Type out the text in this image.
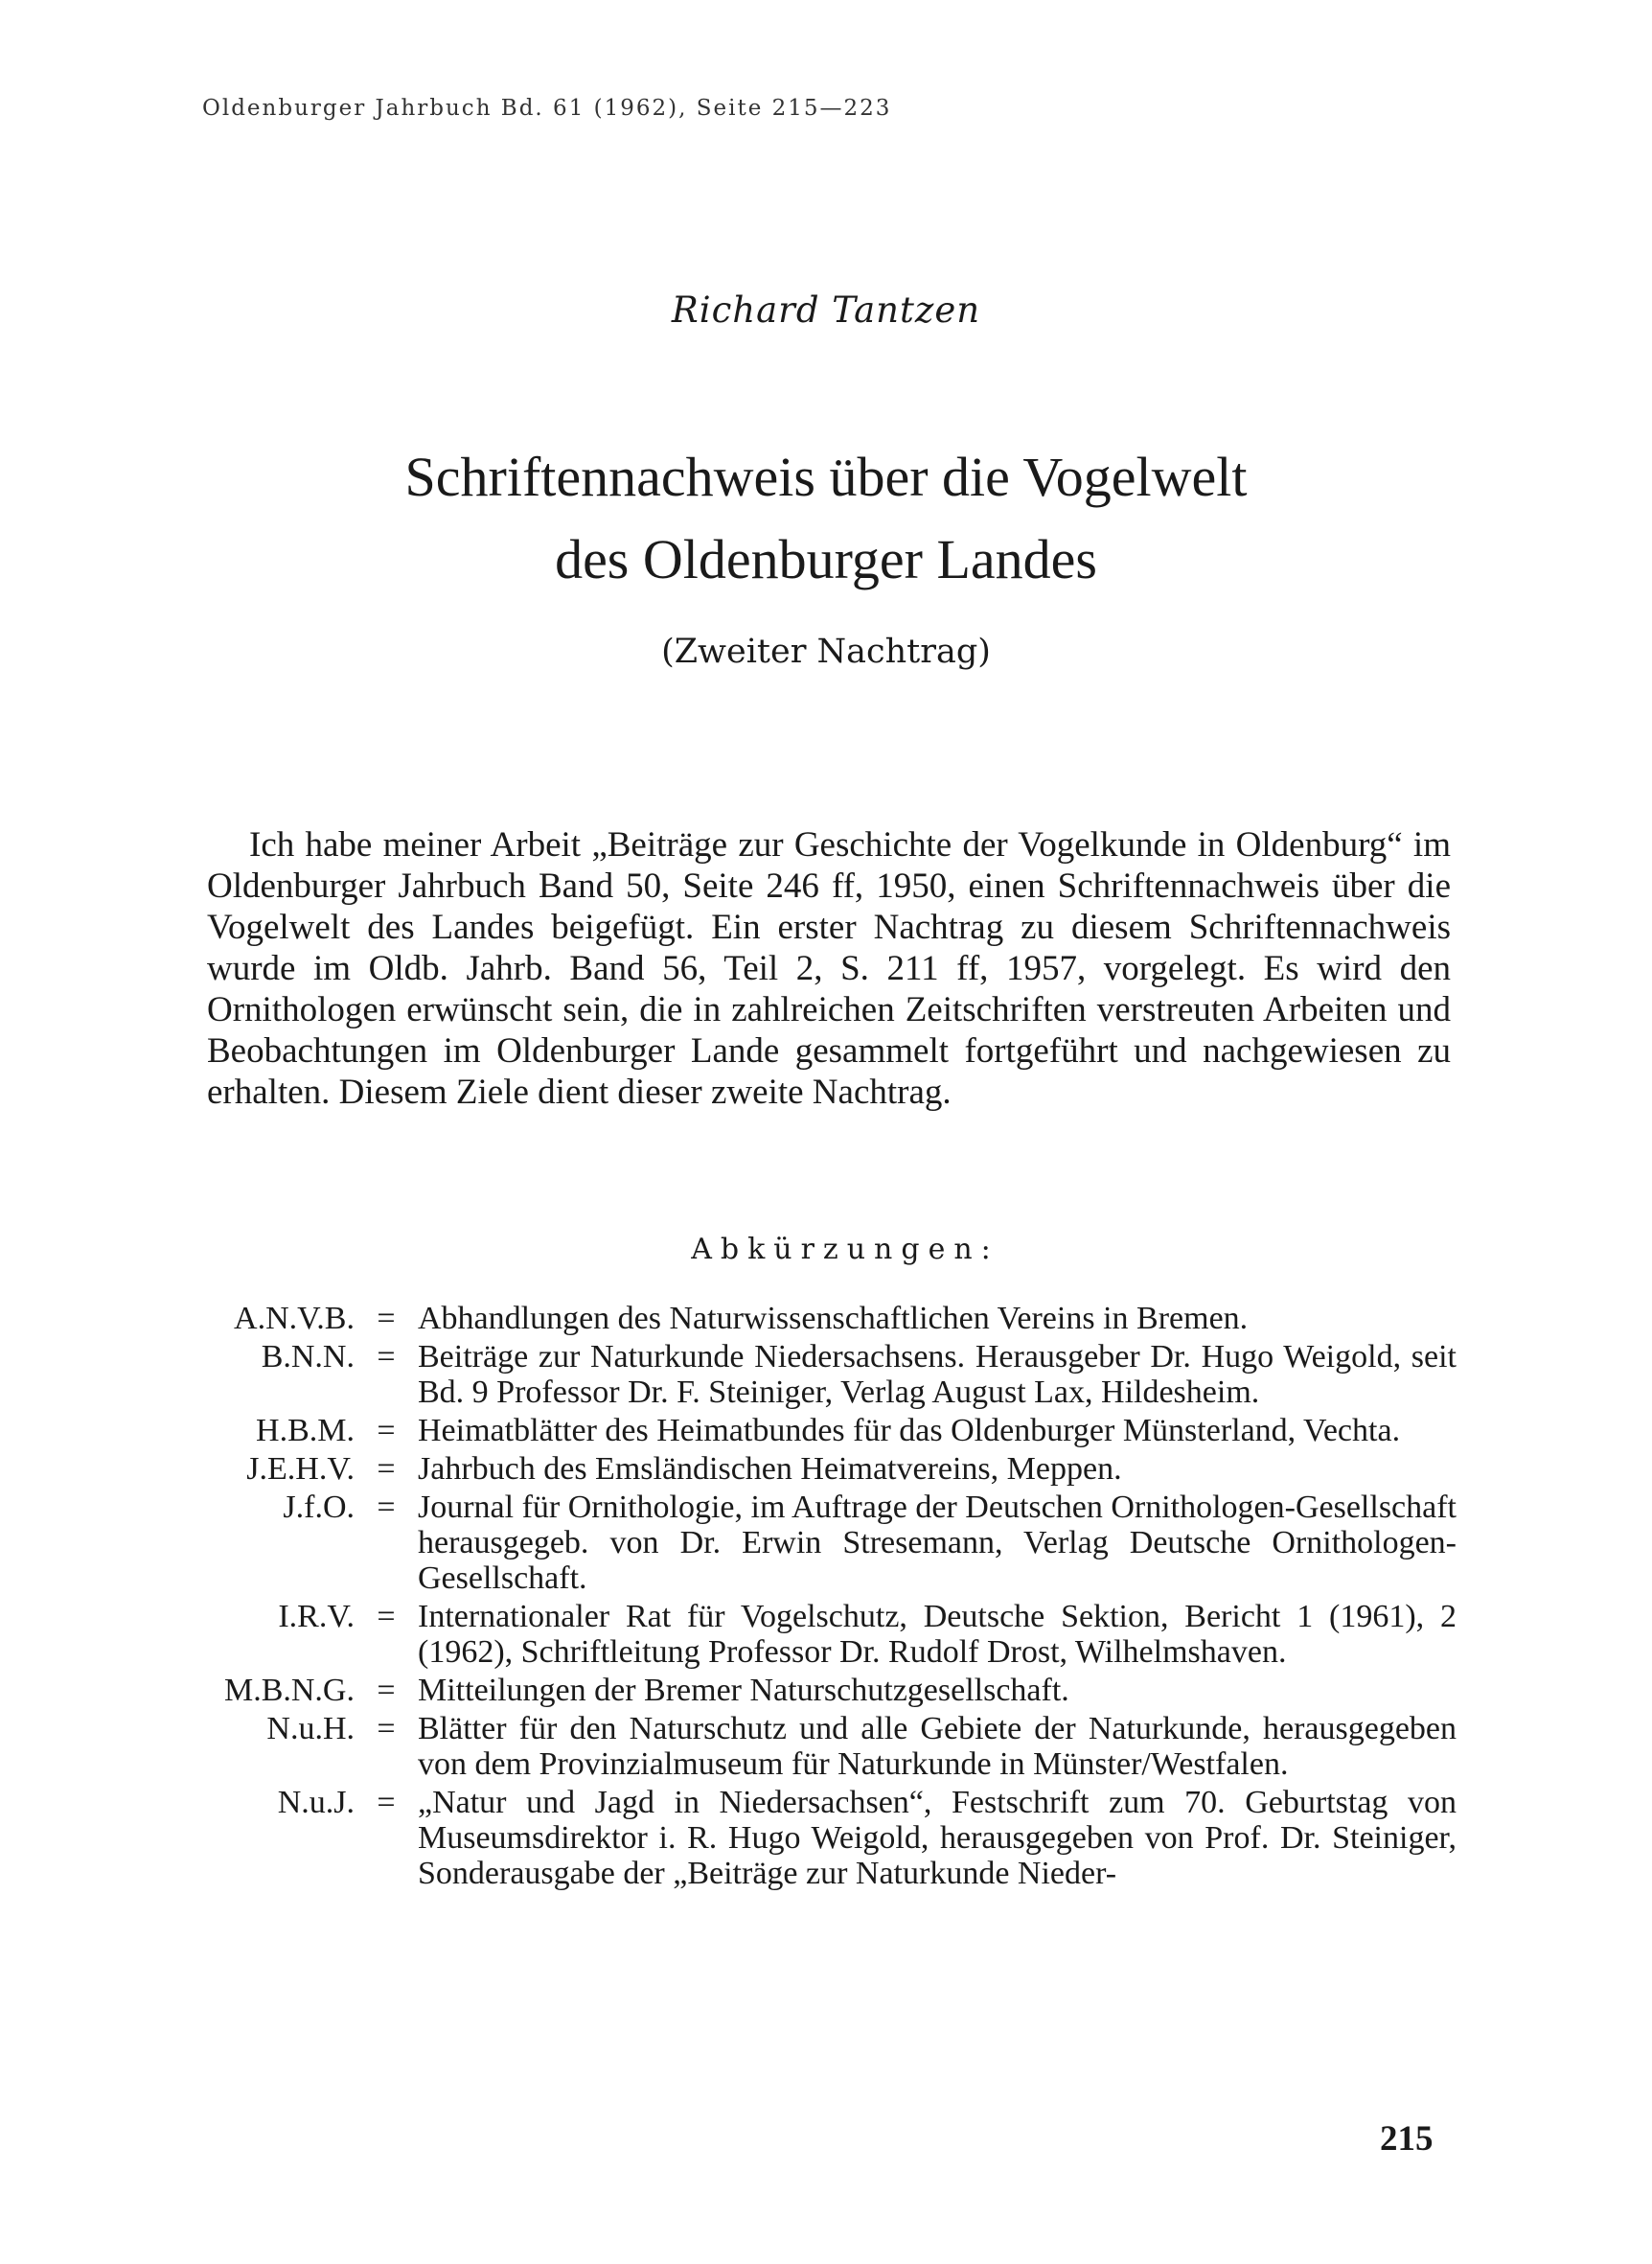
Oldenburger Jahrbuch Bd. 61 (1962), Seite 215—223
Richard Tantzen
Schriftennachweis über die Vogelwelt
des Oldenburger Landes
(Zweiter Nachtrag)

Ich habe meiner Arbeit „Beiträge zur Geschichte der Vogelkunde in Oldenburg“ im Oldenburger Jahrbuch Band 50, Seite 246 ff, 1950, einen Schriftennachweis über die Vogelwelt des Landes beigefügt. Ein erster Nachtrag zu diesem Schriftennachweis wurde im Oldb. Jahrb. Band 56, Teil 2, S. 211 ff, 1957, vorgelegt. Es wird den Ornithologen erwünscht sein, die in zahlreichen Zeitschriften verstreuten Arbeiten und Beobachtungen im Oldenburger Lande gesammelt fortgeführt und nachgewiesen zu erhalten. Diesem Ziele dient dieser zweite Nachtrag.

Abkürzungen:
A.N.V.B. = Abhandlungen des Naturwissenschaftlichen Vereins in Bremen.
B.N.N. = Beiträge zur Naturkunde Niedersachsens. Herausgeber Dr. Hugo Weigold, seit Bd. 9 Professor Dr. F. Steiniger, Verlag August Lax, Hildesheim.
H.B.M. = Heimatblätter des Heimatbundes für das Oldenburger Münsterland, Vechta.
J.E.H.V. = Jahrbuch des Emsländischen Heimatvereins, Meppen.
J.f.O. = Journal für Ornithologie, im Auftrage der Deutschen Ornithologen-Gesellschaft herausgegeb. von Dr. Erwin Stresemann, Verlag Deutsche Ornithologen-Gesellschaft.
I.R.V. = Internationaler Rat für Vogelschutz, Deutsche Sektion, Bericht 1 (1961), 2 (1962), Schriftleitung Professor Dr. Rudolf Drost, Wilhelmshaven.
M.B.N.G. = Mitteilungen der Bremer Naturschutzgesellschaft.
N.u.H. = Blätter für den Naturschutz und alle Gebiete der Naturkunde, herausgegeben von dem Provinzialmuseum für Naturkunde in Münster/Westfalen.
N.u.J. = „Natur und Jagd in Niedersachsen“, Festschrift zum 70. Geburtstag von Museumsdirektor i. R. Hugo Weigold, herausgegeben von Prof. Dr. Steiniger, Sonderausgabe der „Beiträge zur Naturkunde Nieder-
215
